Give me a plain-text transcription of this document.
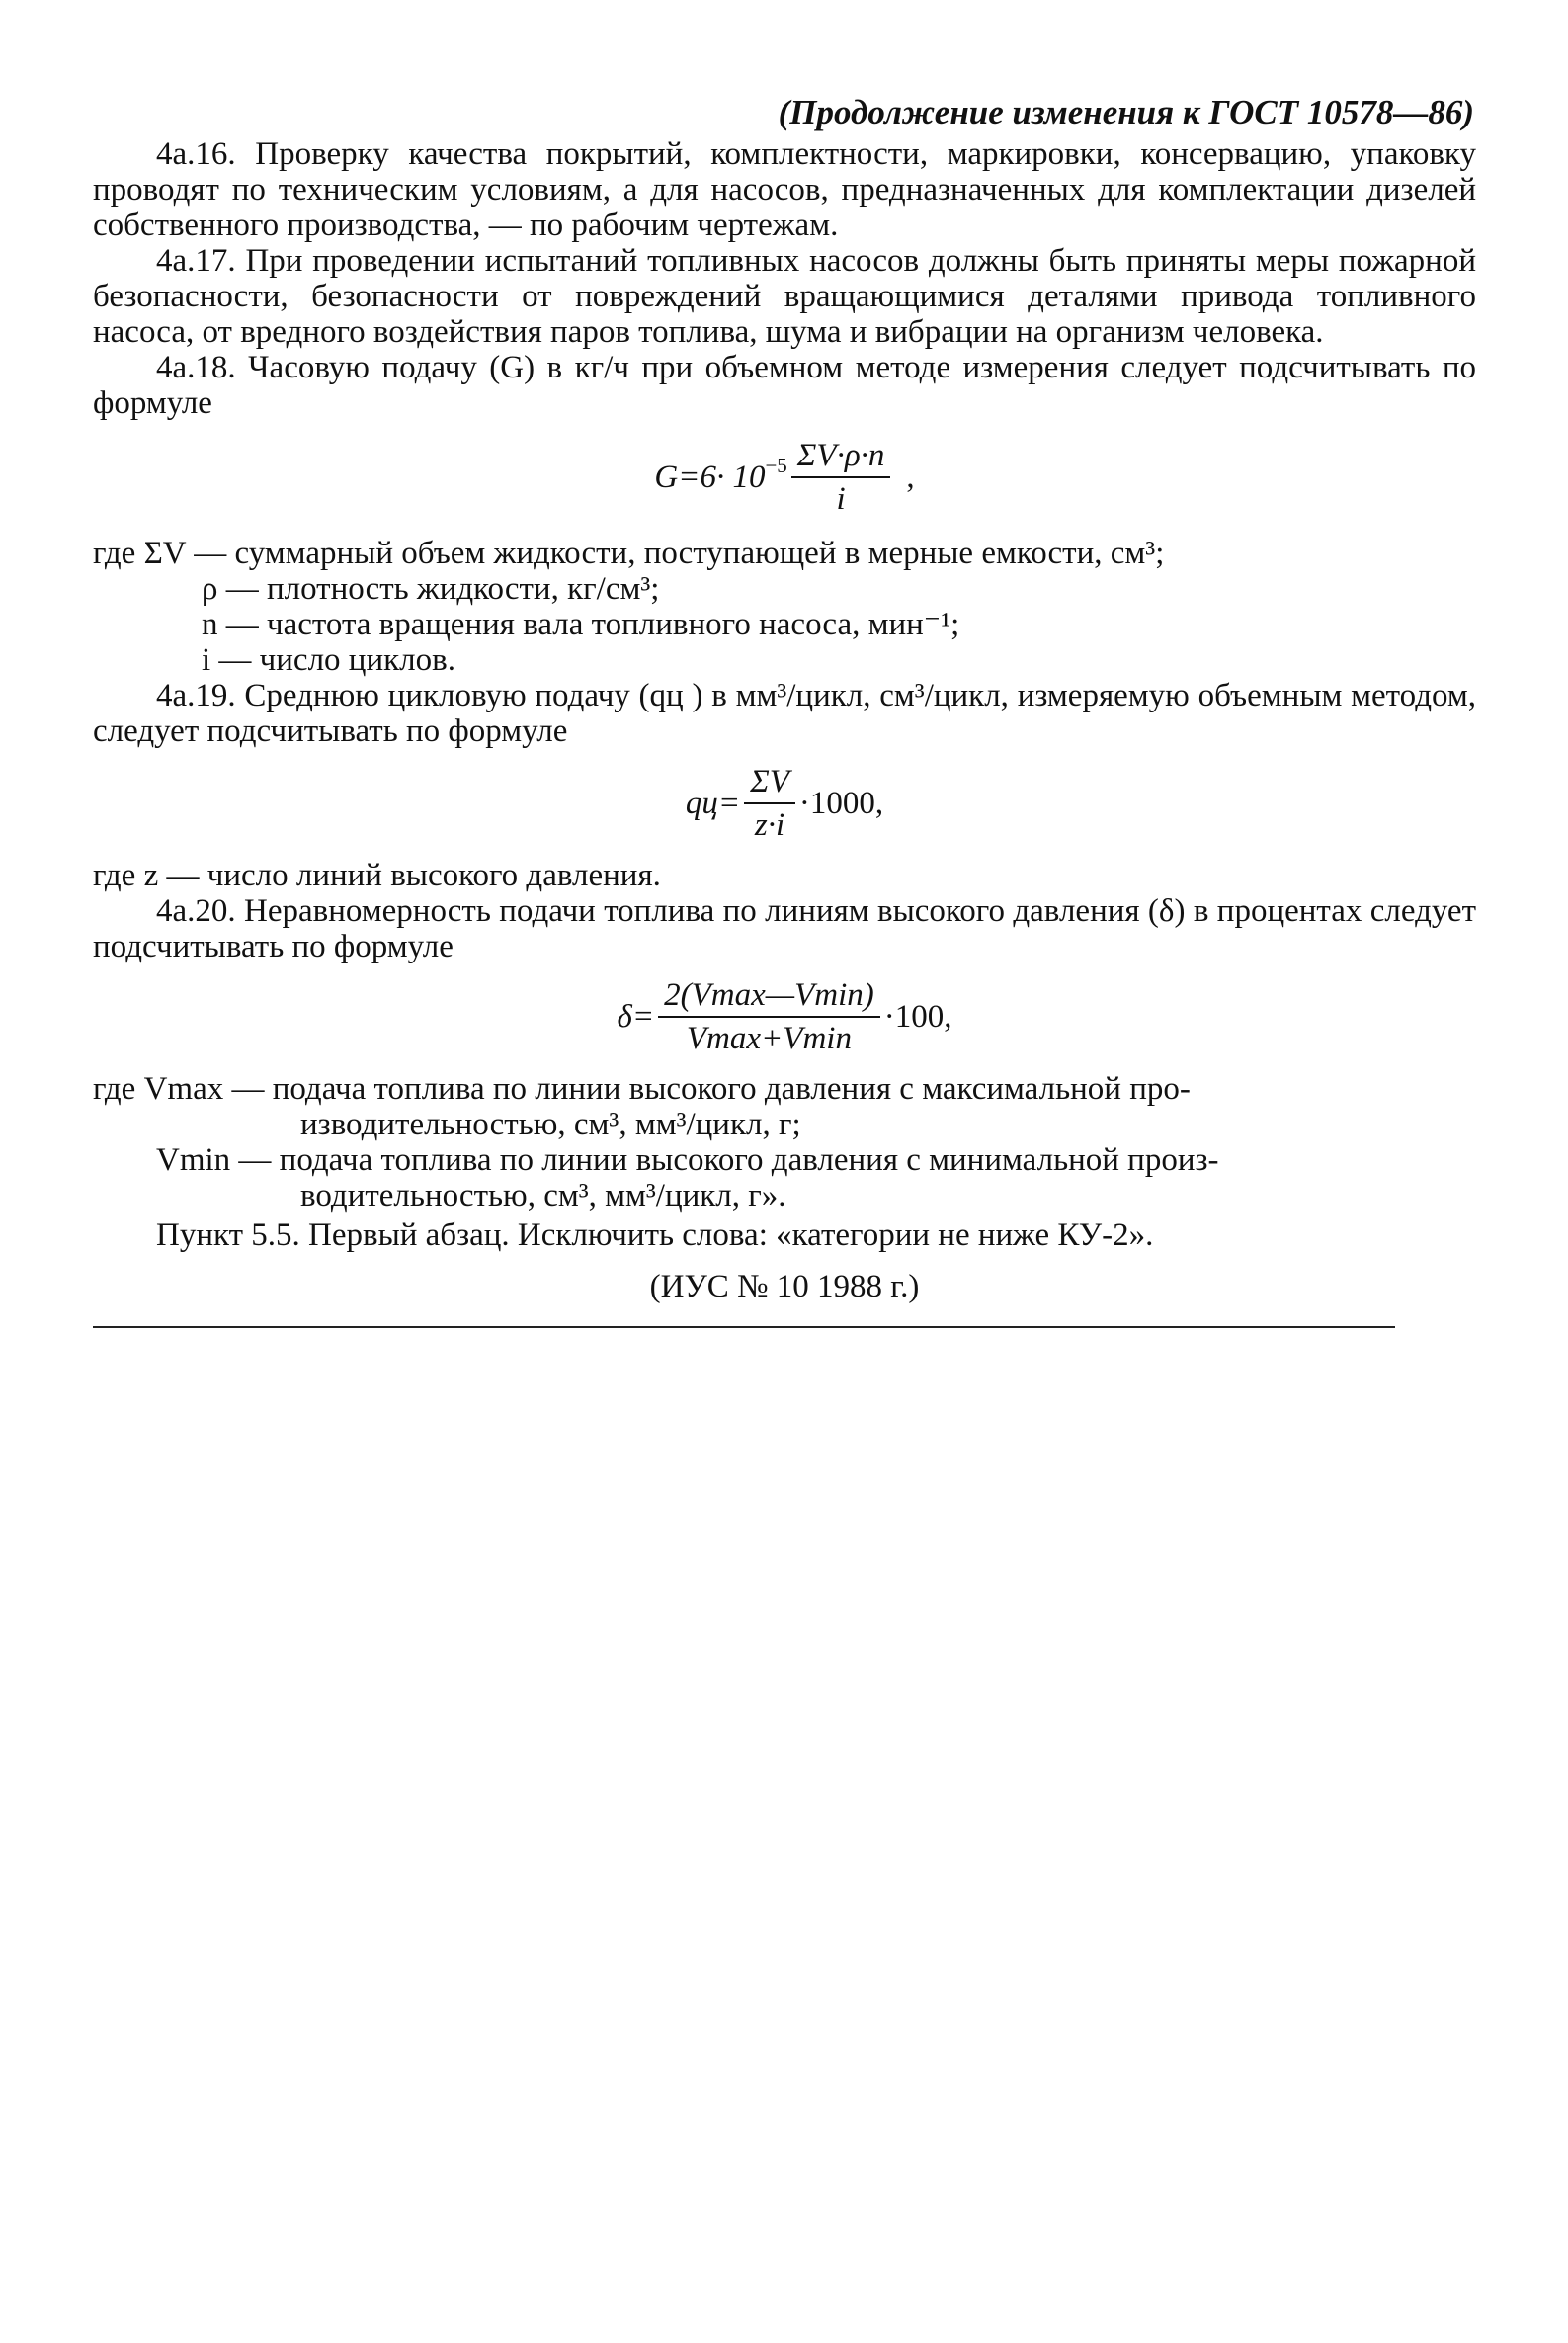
(Продолжение изменения к ГОСТ 10578—86)

4а.16. Проверку качества покрытий, комплектности, маркировки, консервацию, упаковку проводят по техническим условиям, а для насосов, предназначенных для комплектации дизелей собственного производства, — по рабочим чертежам.

4а.17. При проведении испытаний топливных насосов должны быть приняты меры пожарной безопасности, безопасности от повреждений вращающимися деталями привода топливного насоса, от вредного воздействия паров топлива, шума и вибрации на организм человека.

4а.18. Часовую подачу (G) в кг/ч при объемном методе измерения следует подсчитывать по формуле

$G=6\cdot 10^{-5} \frac{\Sigma V\cdot\rho\cdot n}{i}$ ,

где ΣV — суммарный объем жидкости, поступающей в мерные емкости, см³;

ρ — плотность жидкости, кг/см³;

n — частота вращения вала топливного насоса, мин⁻¹;

i — число циклов.

4а.19. Среднюю цикловую подачу (qц ) в мм³/цикл, см³/цикл, измеряемую объемным методом, следует подсчитывать по формуле

$qц= \frac{\Sigma V}{z\cdot i} \cdot 1000$,

где z — число линий высокого давления.

4а.20. Неравномерность подачи топлива по линиям высокого давления (δ) в процентах следует подсчитывать по формуле

$\delta= \frac{2(Vmax—Vmin)}{Vmax+Vmin} \cdot 100$,

где Vmax — подача топлива по линии высокого давления с максимальной про-

изводительностью, см³, мм³/цикл, г;

Vmin — подача топлива по линии высокого давления с минимальной произ-

водительностью, см³, мм³/цикл, г».

Пункт 5.5. Первый абзац. Исключить слова: «категории не ниже КУ-2».

(ИУС № 10 1988 г.)
